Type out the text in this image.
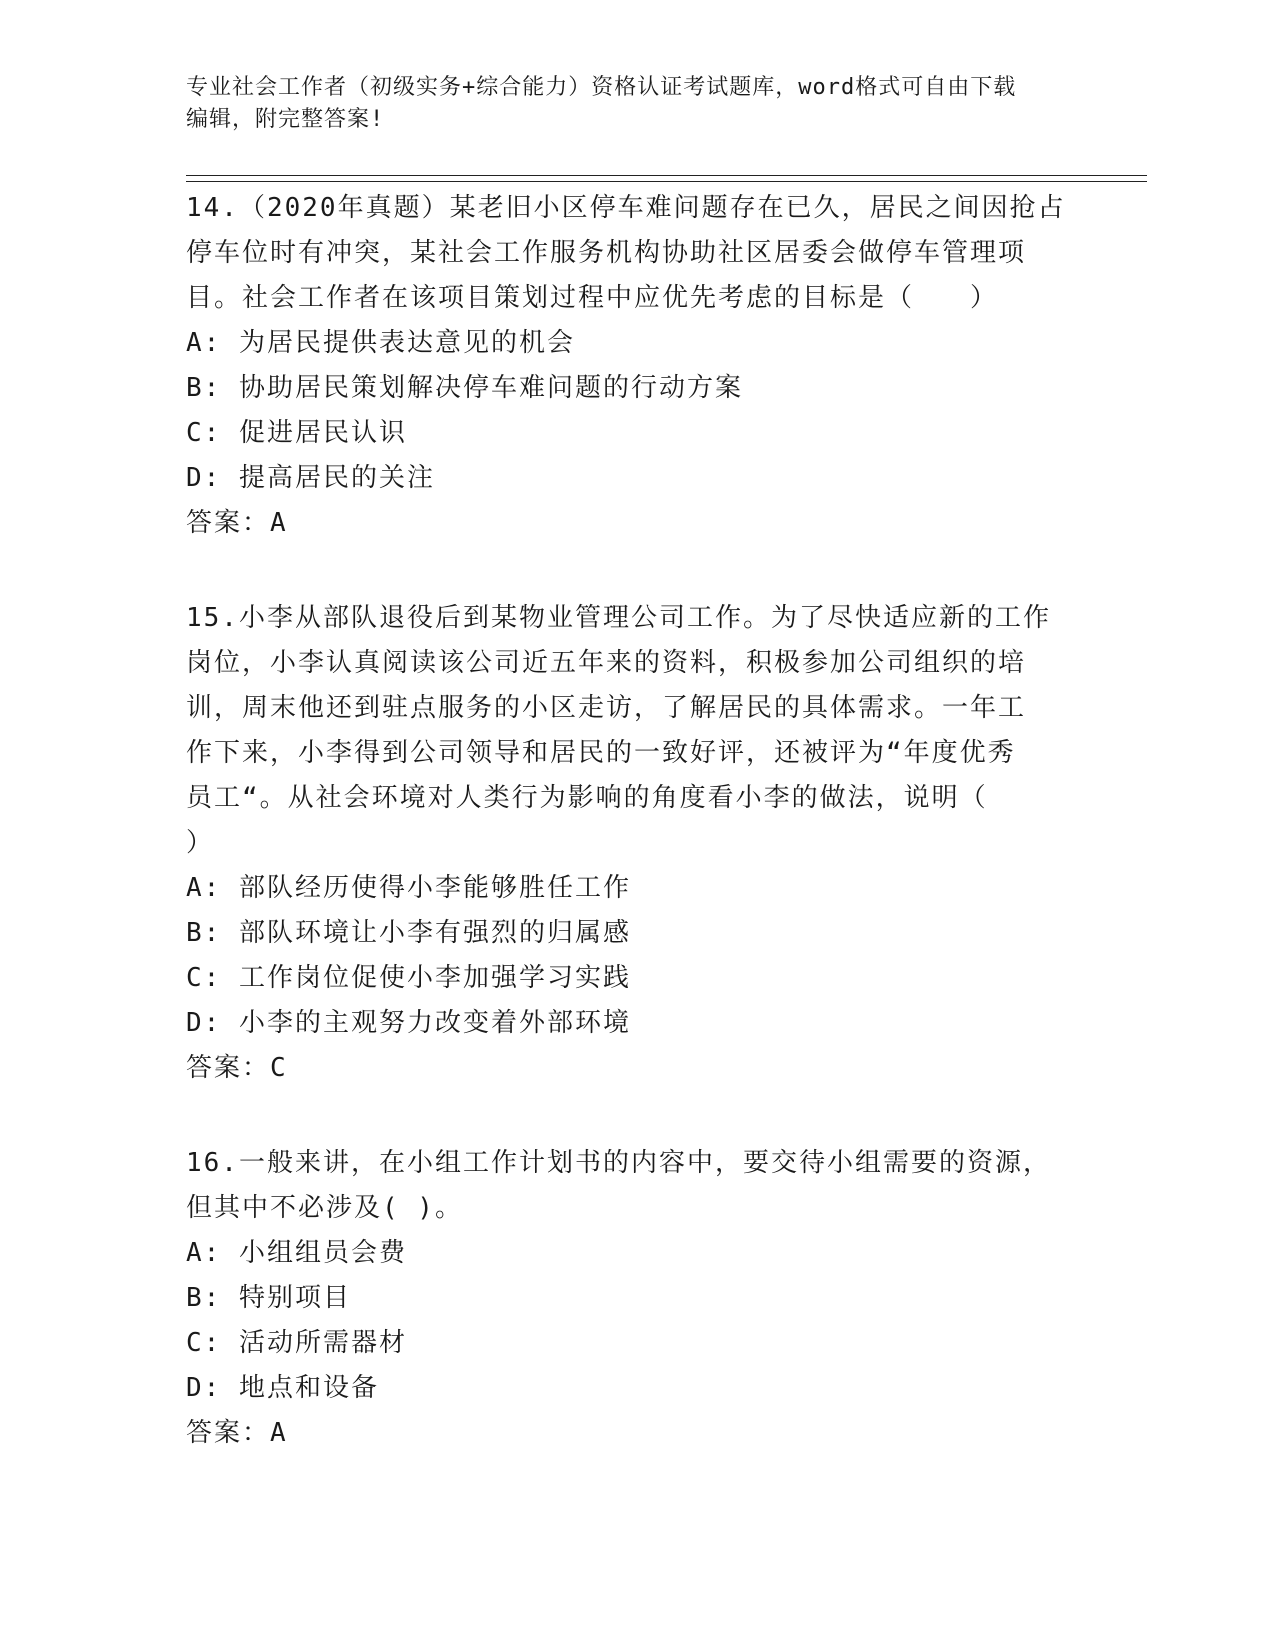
专业社会工作者（初级实务+综合能力）资格认证考试题库，word格式可自由下载
编辑，附完整答案!
14.（2020年真题）某老旧小区停车难问题存在已久，居民之间因抢占
停车位时有冲突，某社会工作服务机构协助社区居委会做停车管理项
目。社会工作者在该项目策划过程中应优先考虑的目标是（　　）
A: 为居民提供表达意见的机会
B: 协助居民策划解决停车难问题的行动方案
C: 促进居民认识
D: 提高居民的关注
答案：A
15.小李从部队退役后到某物业管理公司工作。为了尽快适应新的工作
岗位，小李认真阅读该公司近五年来的资料，积极参加公司组织的培
训，周末他还到驻点服务的小区走访，了解居民的具体需求。一年工
作下来，小李得到公司领导和居民的一致好评，还被评为“年度优秀
员工“。从社会环境对人类行为影响的角度看小李的做法，说明（
）
A: 部队经历使得小李能够胜任工作
B: 部队环境让小李有强烈的归属感
C: 工作岗位促使小李加强学习实践
D: 小李的主观努力改变着外部环境
答案：C
16.一般来讲，在小组工作计划书的内容中，要交待小组需要的资源，
但其中不必涉及( )。
A: 小组组员会费
B: 特别项目
C: 活动所需器材
D: 地点和设备
答案：A
